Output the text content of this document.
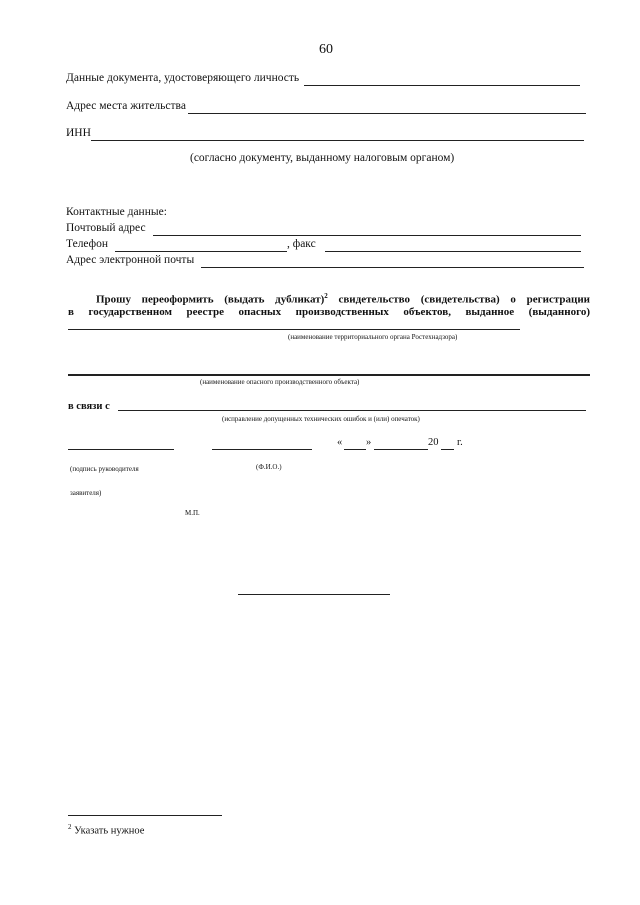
60
Данные документа, удостоверяющего личность
Адрес места жительства
ИНН
(согласно документу, выданному налоговым органом)
Контактные данные:
Почтовый адрес
Телефон	, факс
Адрес электронной почты
Прошу переоформить (выдать дубликат)$^2$ свидетельство (свидетельства) о регистрации
в государственном реестре опасных производственных объектов, выданное (выданного)
(наименование территориального органа Ростехнадзора)
(наименование опасного производственного объекта)
в связи с
(исправление допущенных технических ошибок и (или) опечаток)
« »	20 г.
(подпись руководителя	(Ф.И.О.)
заявителя)
М.П.
$^2$ Указать нужное
